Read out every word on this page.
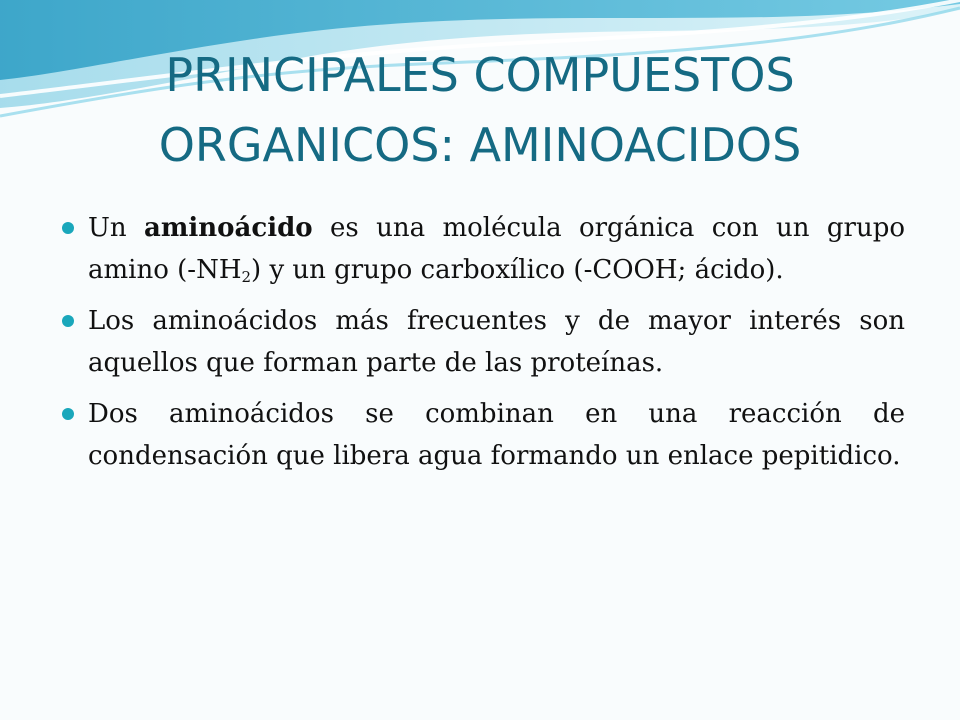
PRINCIPALES COMPUESTOS
ORGANICOS: AMINOACIDOS
Un aminoácido es una molécula orgánica con un grupo amino $(-NH_2)$ y un grupo carboxílico (-COOH; ácido).
Los aminoácidos más frecuentes y de mayor interés son aquellos que forman parte de las proteínas.
Dos aminoácidos se combinan en una reacción de condensación que libera agua formando un enlace pepitidico.
